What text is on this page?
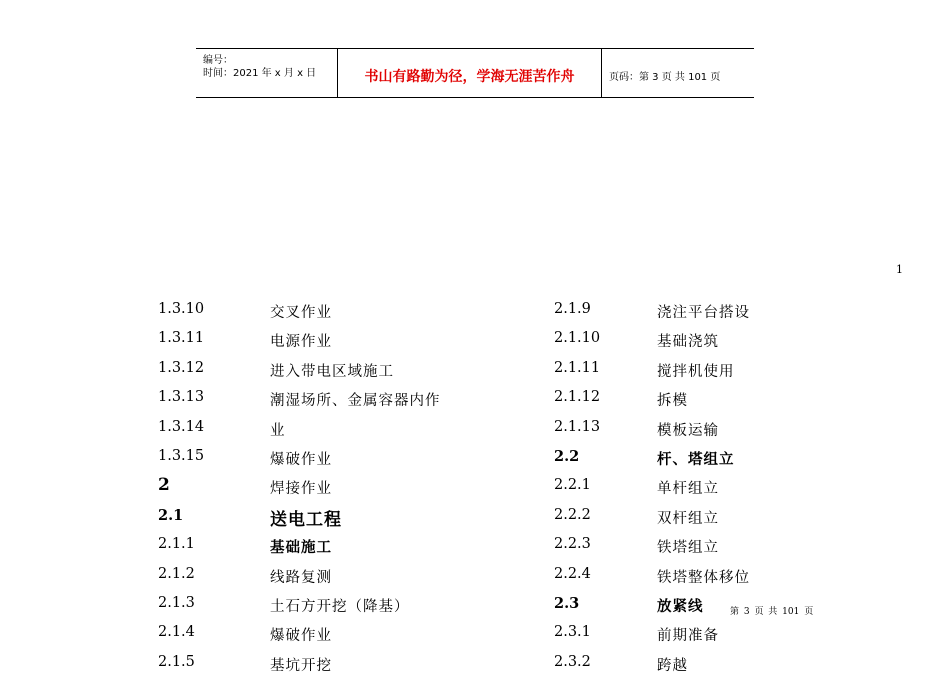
编号：
时间：2021 年 x 月 x 日	书山有路勤为径，学海无涯苦作舟	页码：第 3 页 共 101 页
1
1.3.10	交叉作业
1.3.11	电源作业
1.3.12	进入带电区域施工
1.3.13	潮湿场所、金属容器内作
1.3.14	业
1.3.15	爆破作业
2	焊接作业
2.1	送电工程
2.1.1	基础施工
2.1.2	线路复测
2.1.3	土石方开挖（降基）
2.1.4	爆破作业
2.1.5	基坑开挖
2.1.9	浇注平台搭设
2.1.10	基础浇筑
2.1.11	搅拌机使用
2.1.12	拆模
2.1.13	模板运输
2.2	杆、塔组立
2.2.1	单杆组立
2.2.2	双杆组立
2.2.3	铁塔组立
2.2.4	铁塔整体移位
2.3	放紧线
2.3.1	前期准备
2.3.2	跨越
第 3 页 共 101 页
